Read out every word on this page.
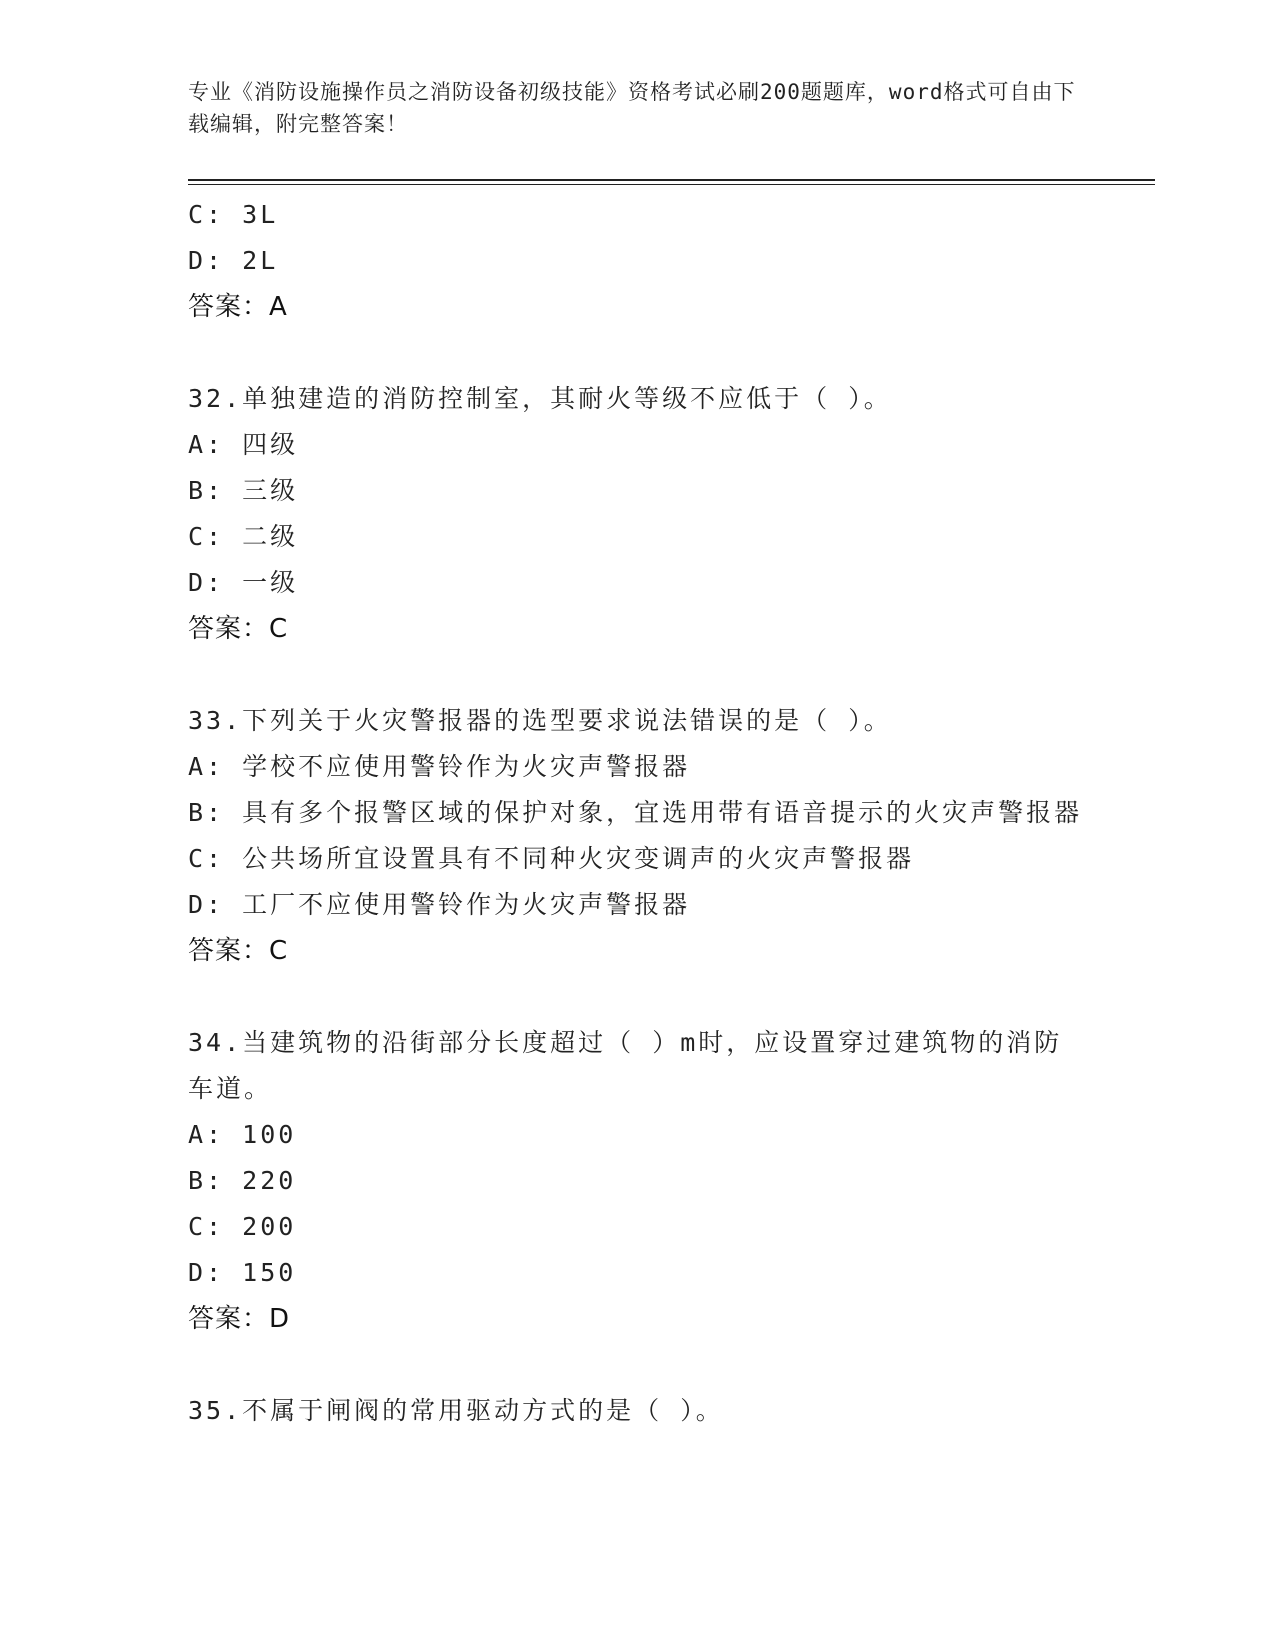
专业《消防设施操作员之消防设备初级技能》资格考试必刷200题题库，word格式可自由下载编辑，附完整答案！
C: 3L
D: 2L
答案：A
32.单独建造的消防控制室，其耐火等级不应低于（ ）。
A: 四级
B: 三级
C: 二级
D: 一级
答案：C
33.下列关于火灾警报器的选型要求说法错误的是（ ）。
A: 学校不应使用警铃作为火灾声警报器
B: 具有多个报警区域的保护对象，宜选用带有语音提示的火灾声警报器
C: 公共场所宜设置具有不同种火灾变调声的火灾声警报器
D: 工厂不应使用警铃作为火灾声警报器
答案：C
34.当建筑物的沿街部分长度超过（ ）m时，应设置穿过建筑物的消防车道。
A: 100
B: 220
C: 200
D: 150
答案：D
35.不属于闸阀的常用驱动方式的是（ ）。
